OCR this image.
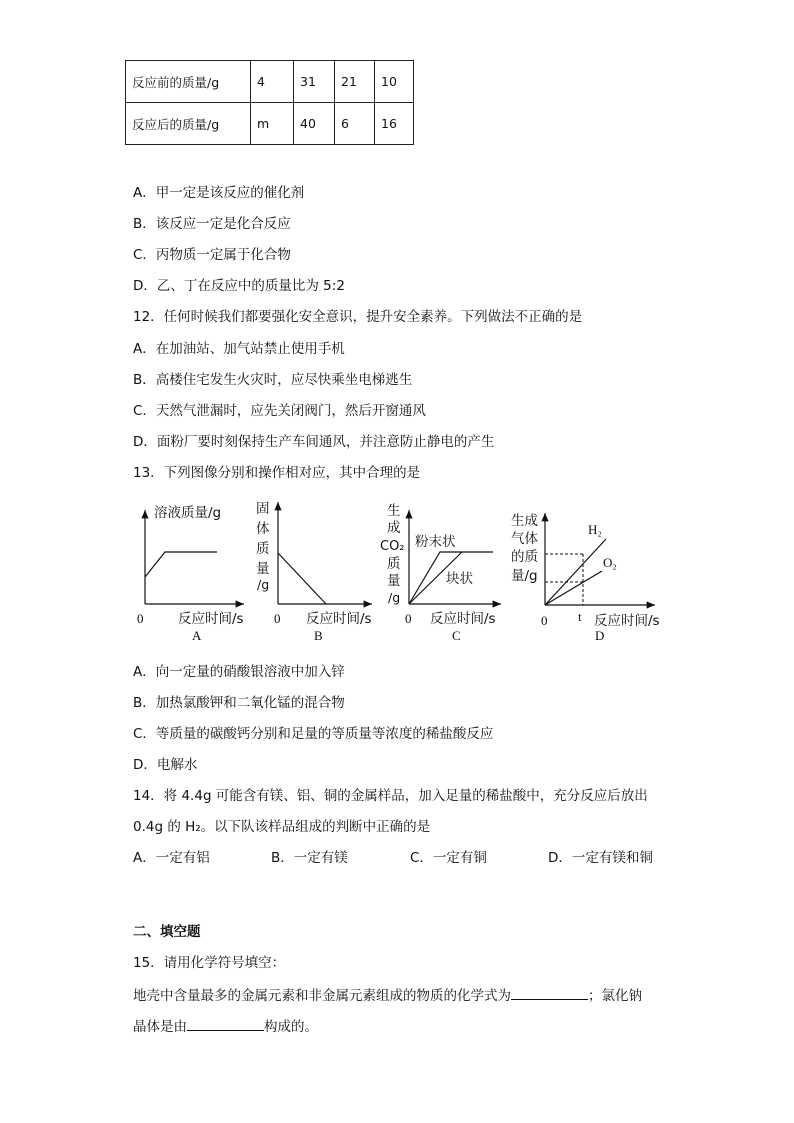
反应前的质量/g	4	31	21	10
反应后的质量/g	m	40	6	16
A．甲一定是该反应的催化剂
B．该反应一定是化合反应
C．丙物质一定属于化合物
D．乙、丁在反应中的质量比为 5:2
12．任何时候我们都要强化安全意识，提升安全素养。下列做法不正确的是
A．在加油站、加气站禁止使用手机
B．高楼住宅发生火灾时，应尽快乘坐电梯逃生
C．天然气泄漏时，应先关闭阀门，然后开窗通风
D．面粉厂要时刻保持生产车间通风，并注意防止静电的产生
13．下列图像分别和操作相对应，其中合理的是
溶液质量/g
0	反应时间/s
A
固
体
质
量
/g
0 反应时间/s
B
生
成
CO₂
质
量
/g
粉末状
块状
0 反应时间/s
C
生成
气体
的质
量/g
H₂
O₂
t
0	反应时间/s
D
A．向一定量的硝酸银溶液中加入锌
B．加热氯酸钾和二氧化锰的混合物
C．等质量的碳酸钙分别和足量的等质量等浓度的稀盐酸反应
D．电解水
14．将 4.4g 可能含有镁、铝、铜的金属样品，加入足量的稀盐酸中，充分反应后放出
0.4g 的 H₂。以下队该样品组成的判断中正确的是
A．一定有铝	B．一定有镁	C．一定有铜	D．一定有镁和铜
二、填空题
15．请用化学符号填空：
地壳中含量最多的金属元素和非金属元素组成的物质的化学式为	；氯化钠
晶体是由	构成的。
